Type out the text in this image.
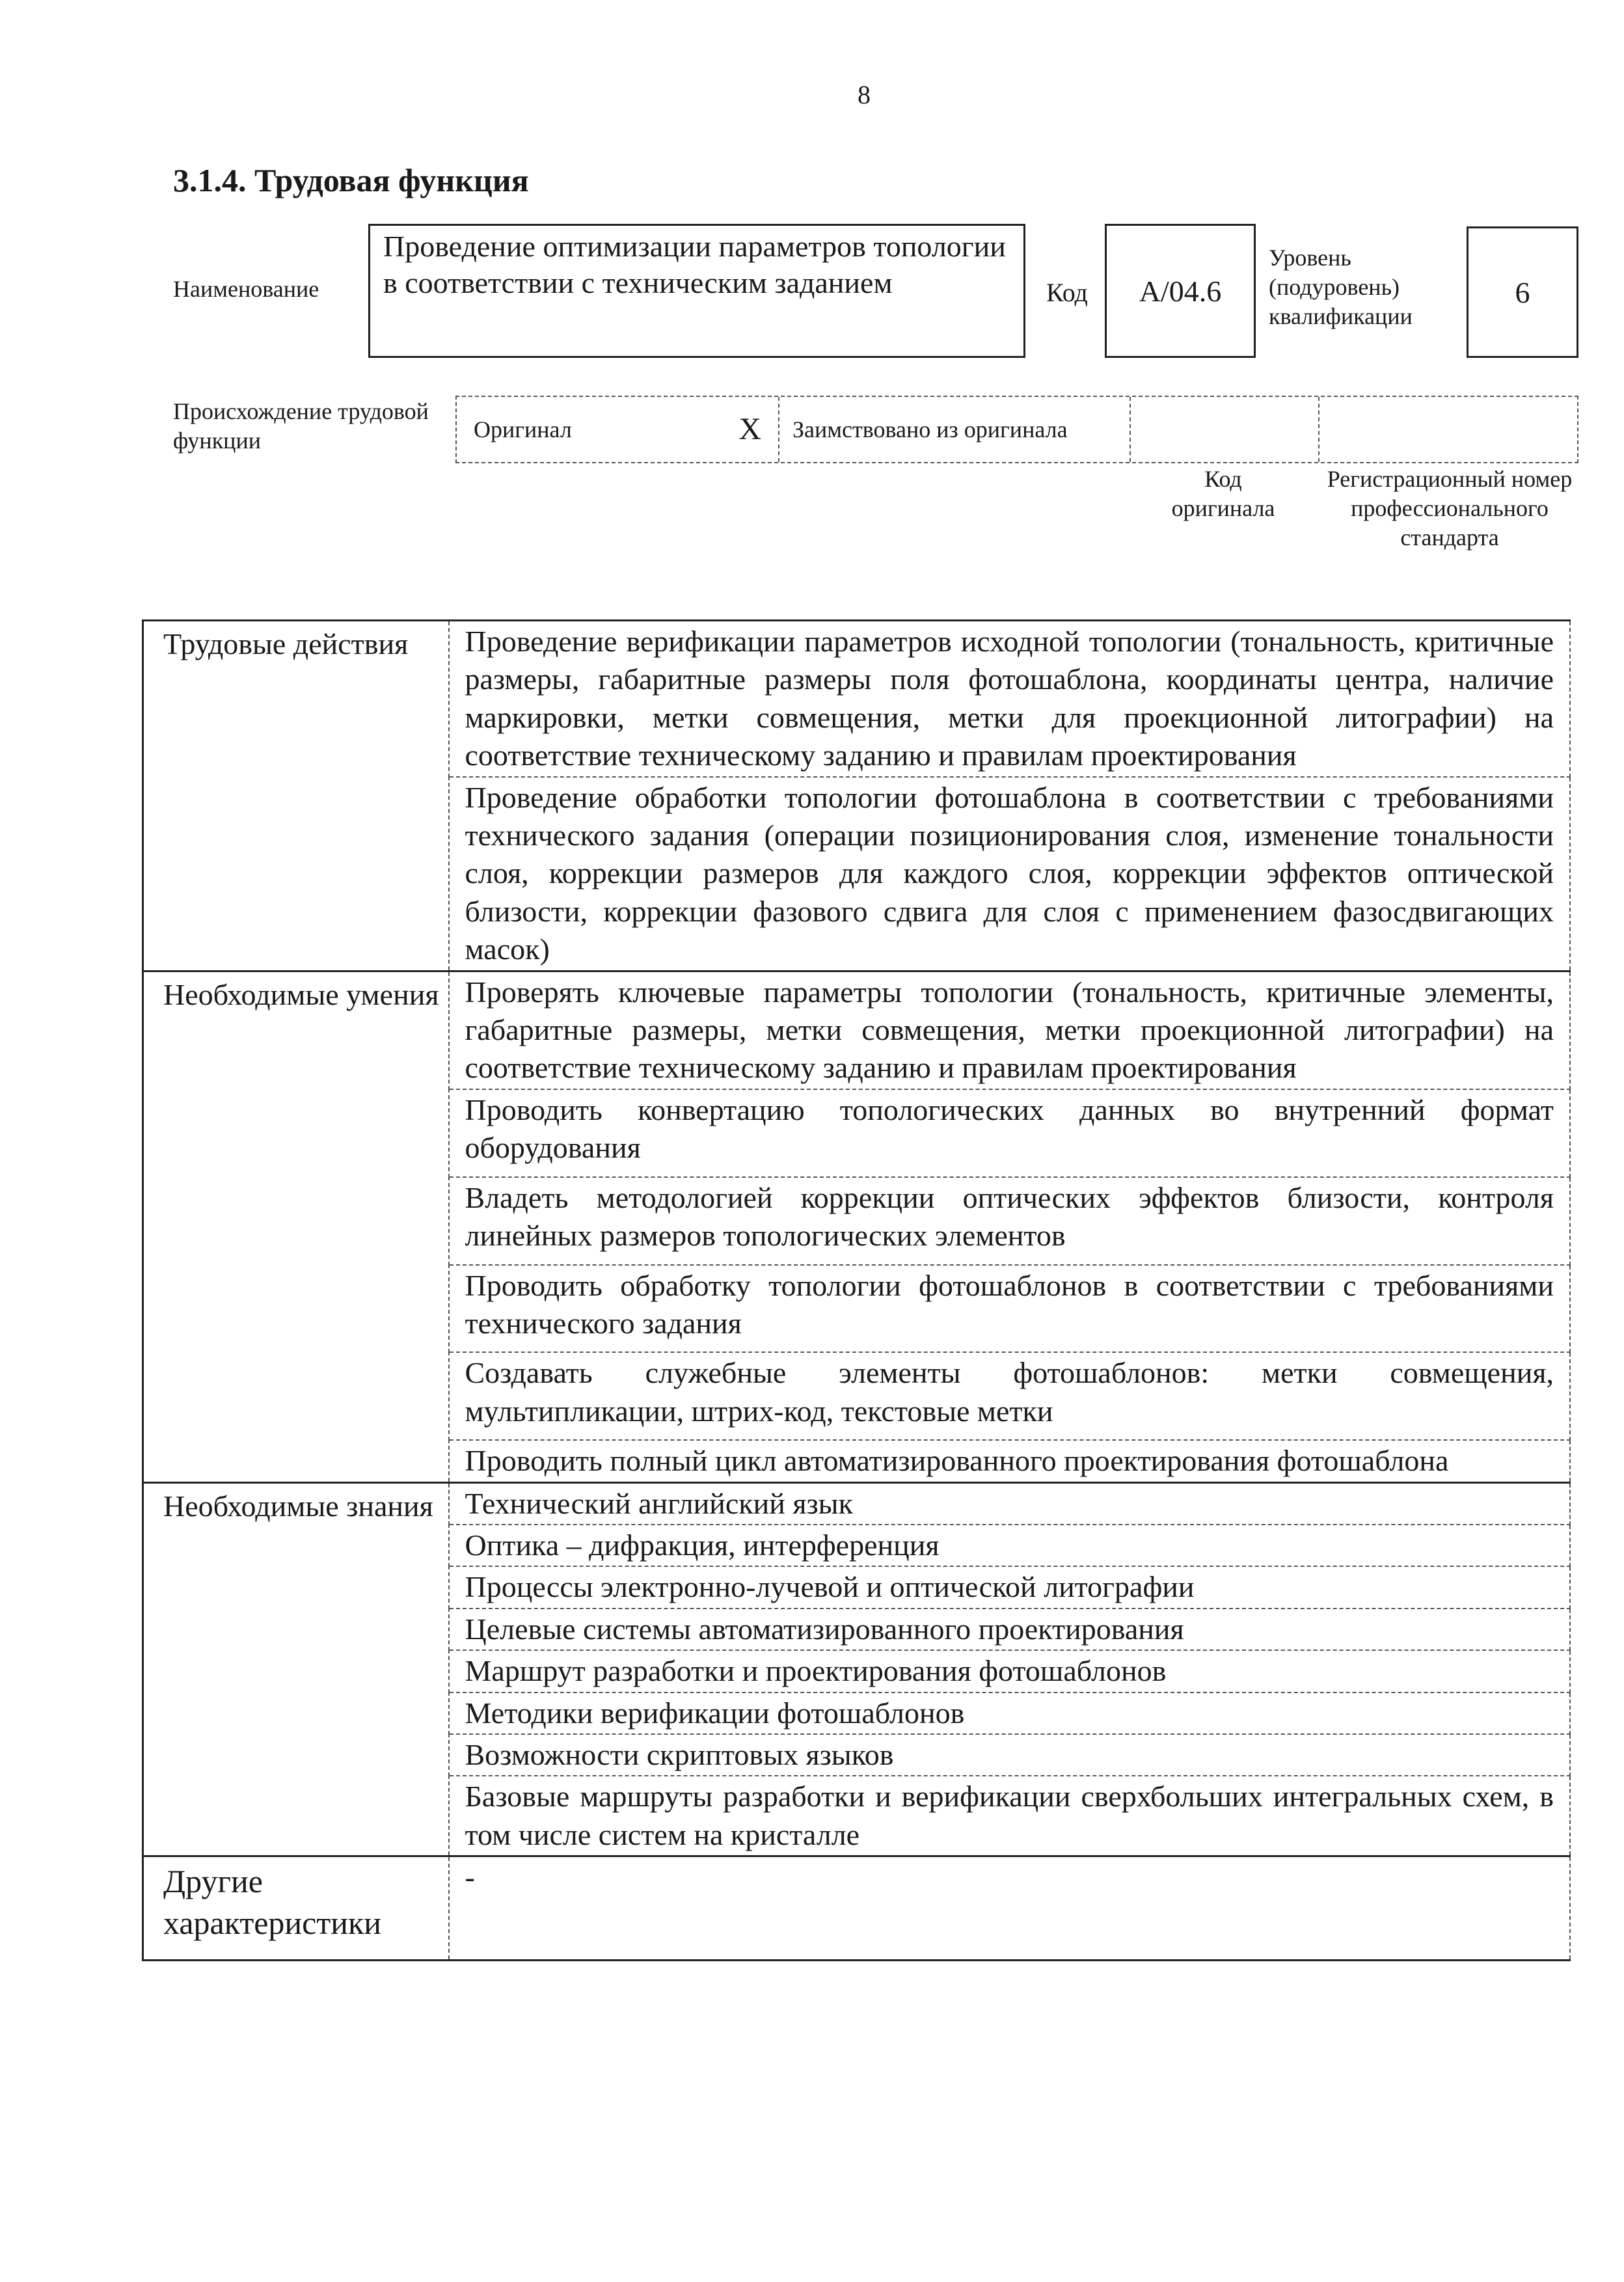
8
3.1.4. Трудовая функция
Наименование
Проведение оптимизации параметров топологии в соответствии с техническим заданием	Код	A/04.6
Уровень (подуровень) квалификации
6
Происхождение трудовой функции	Оригинал	X Заимствовано из оригинала
Код оригинала
Регистрационный номер профессионального стандарта
Трудовые действия	Проведение верификации параметров исходной топологии (тональность, критичные размеры, габаритные размеры поля фотошаблона, координаты центра, наличие маркировки, метки совмещения, метки для проекционной литографии) на соответствие техническому заданию и правилам проектирования
	Проведение обработки топологии фотошаблона в соответствии с требованиями технического задания (операции позиционирования слоя, изменение тональности слоя, коррекции размеров для каждого слоя, коррекции эффектов оптической близости, коррекции фазового сдвига для слоя с применением фазосдвигающих масок)
Необходимые умения	Проверять ключевые параметры топологии (тональность, критичные элементы, габаритные размеры, метки совмещения, метки проекционной литографии) на соответствие техническому заданию и правилам проектирования
	Проводить конвертацию топологических данных во внутренний формат оборудования
	Владеть методологией коррекции оптических эффектов близости, контроля линейных размеров топологических элементов
	Проводить обработку топологии фотошаблонов в соответствии с требованиями технического задания
	Создавать служебные элементы фотошаблонов: метки совмещения, мультипликации, штрих-код, текстовые метки
	Проводить полный цикл автоматизированного проектирования фотошаблона
Необходимые знания	Технический английский язык
	Оптика – дифракция, интерференция
	Процессы электронно-лучевой и оптической литографии
	Целевые системы автоматизированного проектирования
	Маршрут разработки и проектирования фотошаблонов
	Методики верификации фотошаблонов
	Возможности скриптовых языков
	Базовые маршруты разработки и верификации сверхбольших интегральных схем, в том числе систем на кристалле
Другие характеристики	-
